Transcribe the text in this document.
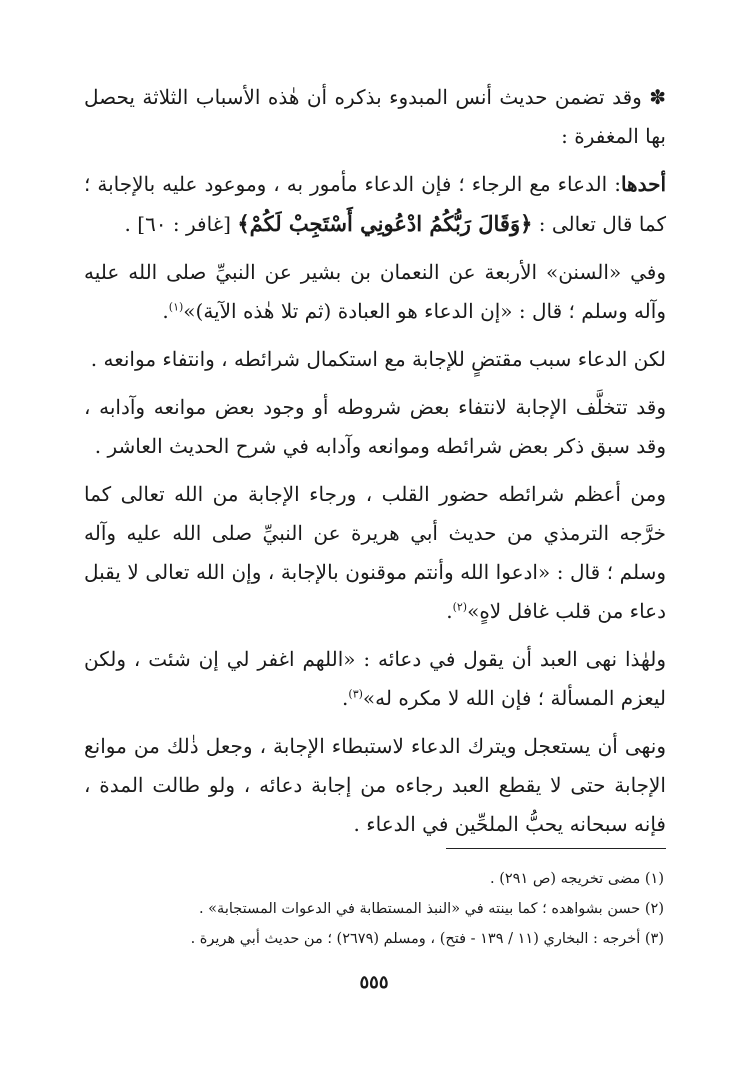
✽ وقد تضمن حديث أنس المبدوء بذكره أن هٰذه الأسباب الثلاثة يحصل بها المغفرة :

أحدها: الدعاء مع الرجاء ؛ فإن الدعاء مأمور به ، وموعود عليه بالإجابة ؛ كما قال تعالى : ﴿وَقَالَ رَبُّكُمُ ادْعُونِي أَسْتَجِبْ لَكُمْ﴾ [غافر : ٦٠] .

وفي «السنن» الأربعة عن النعمان بن بشير عن النبيِّ صلى الله عليه وآله وسلم ؛ قال : «إن الدعاء هو العبادة (ثم تلا هٰذه الآية)»$^{(١)}$.

لكن الدعاء سبب مقتضٍ للإجابة مع استكمال شرائطه ، وانتفاء موانعه .

وقد تتخلَّف الإجابة لانتفاء بعض شروطه أو وجود بعض موانعه وآدابه ، وقد سبق ذكر بعض شرائطه وموانعه وآدابه في شرح الحديث العاشر .

ومن أعظم شرائطه حضور القلب ، ورجاء الإجابة من الله تعالى كما خرَّجه الترمذي من حديث أبي هريرة عن النبيِّ صلى الله عليه وآله وسلم ؛ قال : «ادعوا الله وأنتم موقنون بالإجابة ، وإن الله تعالى لا يقبل دعاء من قلب غافل لاهٍ»$^{(٢)}$.

ولهٰذا نهى العبد أن يقول في دعائه : «اللهم اغفر لي إن شئت ، ولكن ليعزم المسألة ؛ فإن الله لا مكره له»$^{(٣)}$.

ونهى أن يستعجل ويترك الدعاء لاستبطاء الإجابة ، وجعل ذٰلك من موانع الإجابة حتى لا يقطع العبد رجاءه من إجابة دعائه ، ولو طالت المدة ، فإنه سبحانه يحبُّ الملحِّين في الدعاء .

(١) مضى تخريجه (ص ٢٩١) .

(٢) حسن بشواهده ؛ كما بينته في «النبذ المستطابة في الدعوات المستجابة» .

(٣) أخرجه : البخاري (١١ / ١٣٩ - فتح) ، ومسلم (٢٦٧٩) ؛ من حديث أبي هريرة .

٥٥٥
